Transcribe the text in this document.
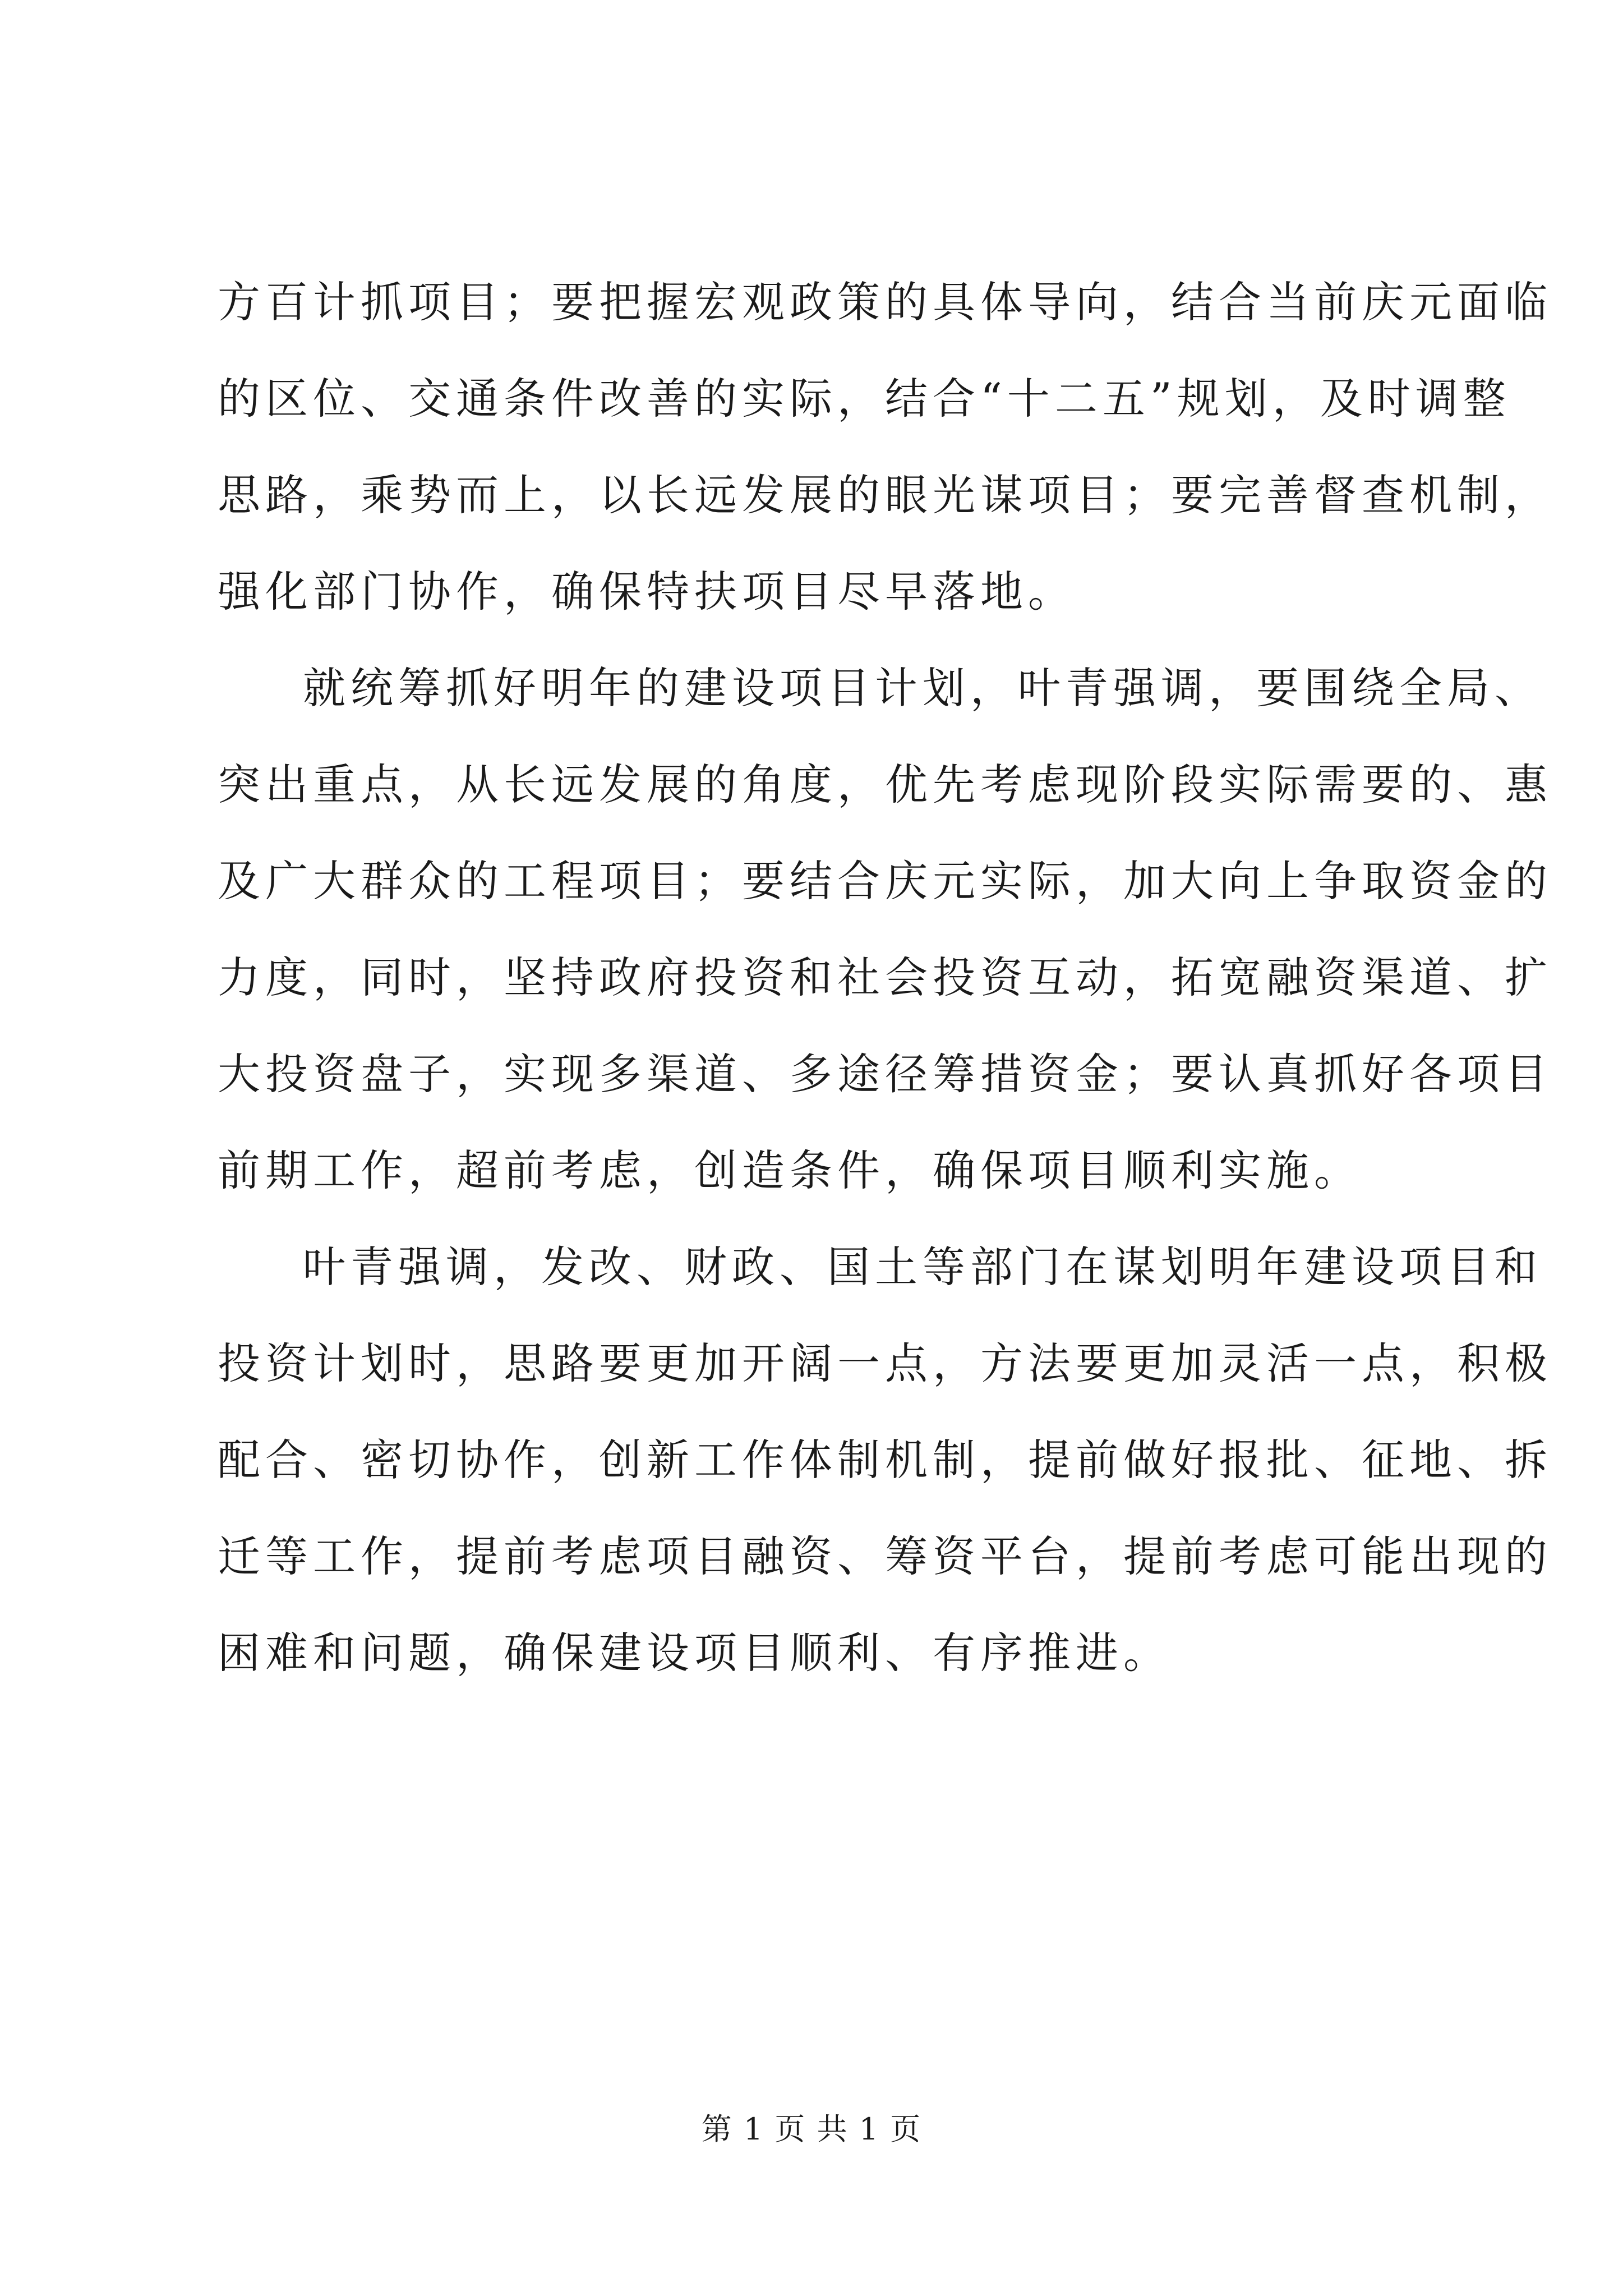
方百计抓项目；要把握宏观政策的具体导向，结合当前庆元面临
的区位、交通条件改善的实际，结合“十二五”规划，及时调整
思路，乘势而上，以长远发展的眼光谋项目；要完善督查机制，
强化部门协作，确保特扶项目尽早落地。
就统筹抓好明年的建设项目计划，叶青强调，要围绕全局、
突出重点，从长远发展的角度，优先考虑现阶段实际需要的、惠
及广大群众的工程项目；要结合庆元实际，加大向上争取资金的
力度，同时，坚持政府投资和社会投资互动，拓宽融资渠道、扩
大投资盘子，实现多渠道、多途径筹措资金；要认真抓好各项目
前期工作，超前考虑，创造条件，确保项目顺利实施。
叶青强调，发改、财政、国土等部门在谋划明年建设项目和
投资计划时，思路要更加开阔一点，方法要更加灵活一点，积极
配合、密切协作，创新工作体制机制，提前做好报批、征地、拆
迁等工作，提前考虑项目融资、筹资平台，提前考虑可能出现的
困难和问题，确保建设项目顺利、有序推进。
第 1 页 共 1 页
